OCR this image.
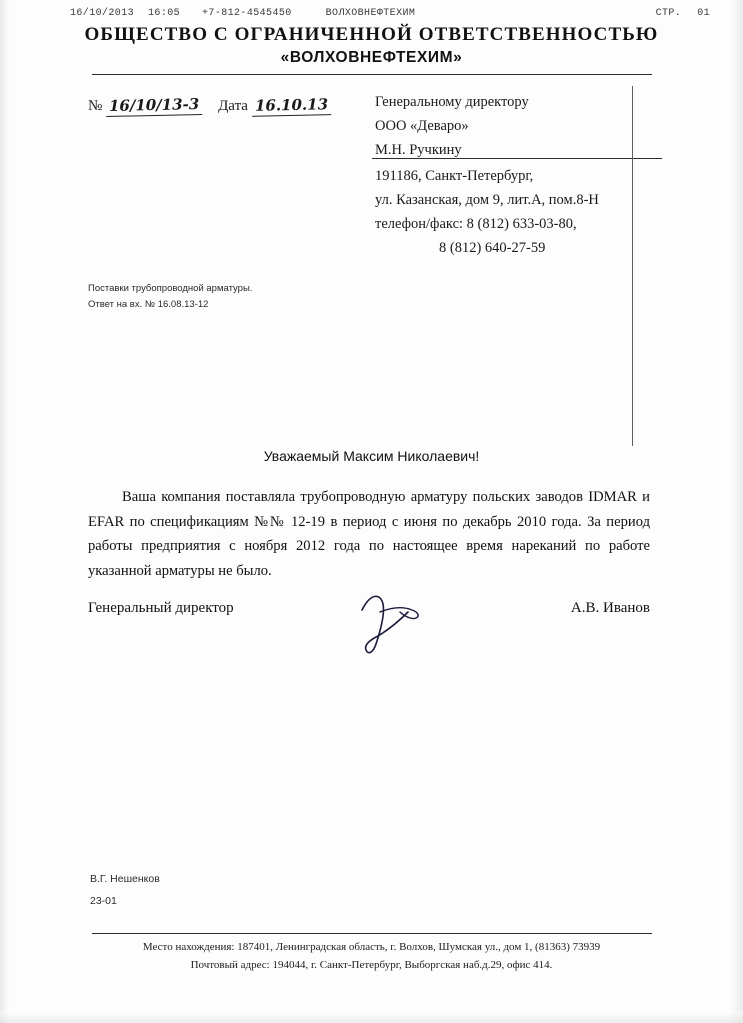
16/10/2013 16:05 +7-812-4545450	ВОЛХОВНЕФТЕХИМ	СТР. 01
ОБЩЕСТВО С ОГРАНИЧЕННОЙ ОТВЕТСТВЕННОСТЬЮ
«ВОЛХОВНЕФТЕХИМ»
№ 16/10/13-3 Дата 16.10.13	Генеральному директору
ООО «Деваро»
М.Н. Ручкину
191186, Санкт-Петербург,
ул. Казанская, дом 9, лит.А, пом.8-Н
телефон/факс: 8 (812) 633-03-80,
8 (812) 640-27-59
Поставки трубопроводной арматуры.
Ответ на вх. № 16.08.13-12
Уважаемый Максим Николаевич!
Ваша компания поставляла трубопроводную арматуру польских заводов IDMAR и EFAR по спецификациям №№ 12-19 в период с июня по декабрь 2010 года. За период работы предприятия с ноября 2012 года по настоящее время нареканий по работе указанной арматуры не было.
Генеральный директор	А.В. Иванов
В.Г. Нешенков
23-01
Место нахождения: 187401, Ленинградская область, г. Волхов, Шумская ул., дом 1, (81363) 73939
Почтовый адрес: 194044, г. Санкт-Петербург, Выборгская наб.д.29, офис 414.
